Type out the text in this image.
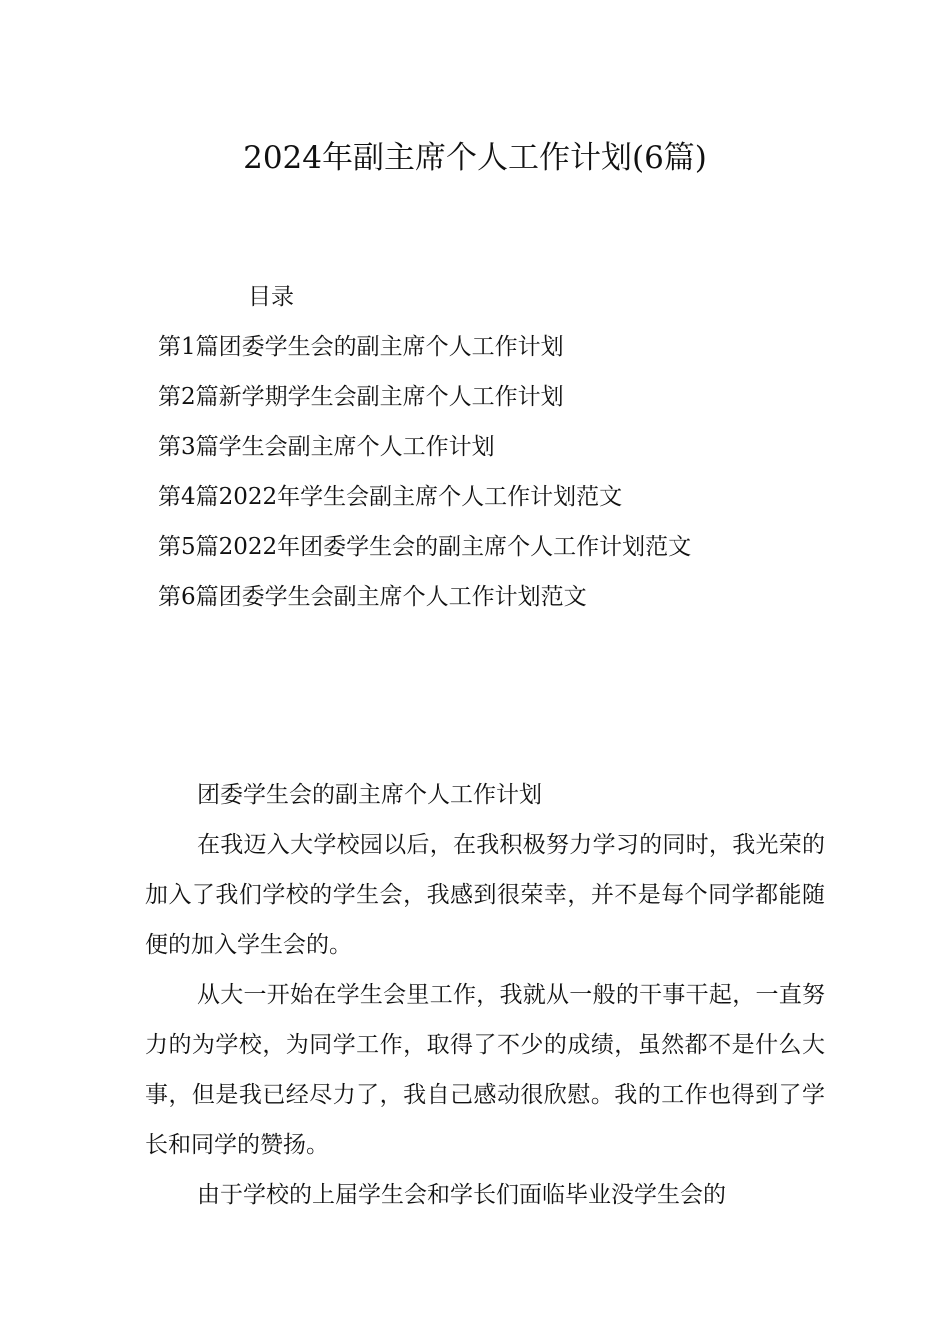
2024年副主席个人工作计划(6篇)
目录
第1篇团委学生会的副主席个人工作计划
第2篇新学期学生会副主席个人工作计划
第3篇学生会副主席个人工作计划
第4篇2022年学生会副主席个人工作计划范文
第5篇2022年团委学生会的副主席个人工作计划范文
第6篇团委学生会副主席个人工作计划范文
团委学生会的副主席个人工作计划

在我迈入大学校园以后，在我积极努力学习的同时，我光荣的加入了我们学校的学生会，我感到很荣幸，并不是每个同学都能随便的加入学生会的。

从大一开始在学生会里工作，我就从一般的干事干起，一直努力的为学校，为同学工作，取得了不少的成绩，虽然都不是什么大事，但是我已经尽力了，我自己感动很欣慰。我的工作也得到了学长和同学的赞扬。

由于学校的上届学生会和学长们面临毕业没学生会的
